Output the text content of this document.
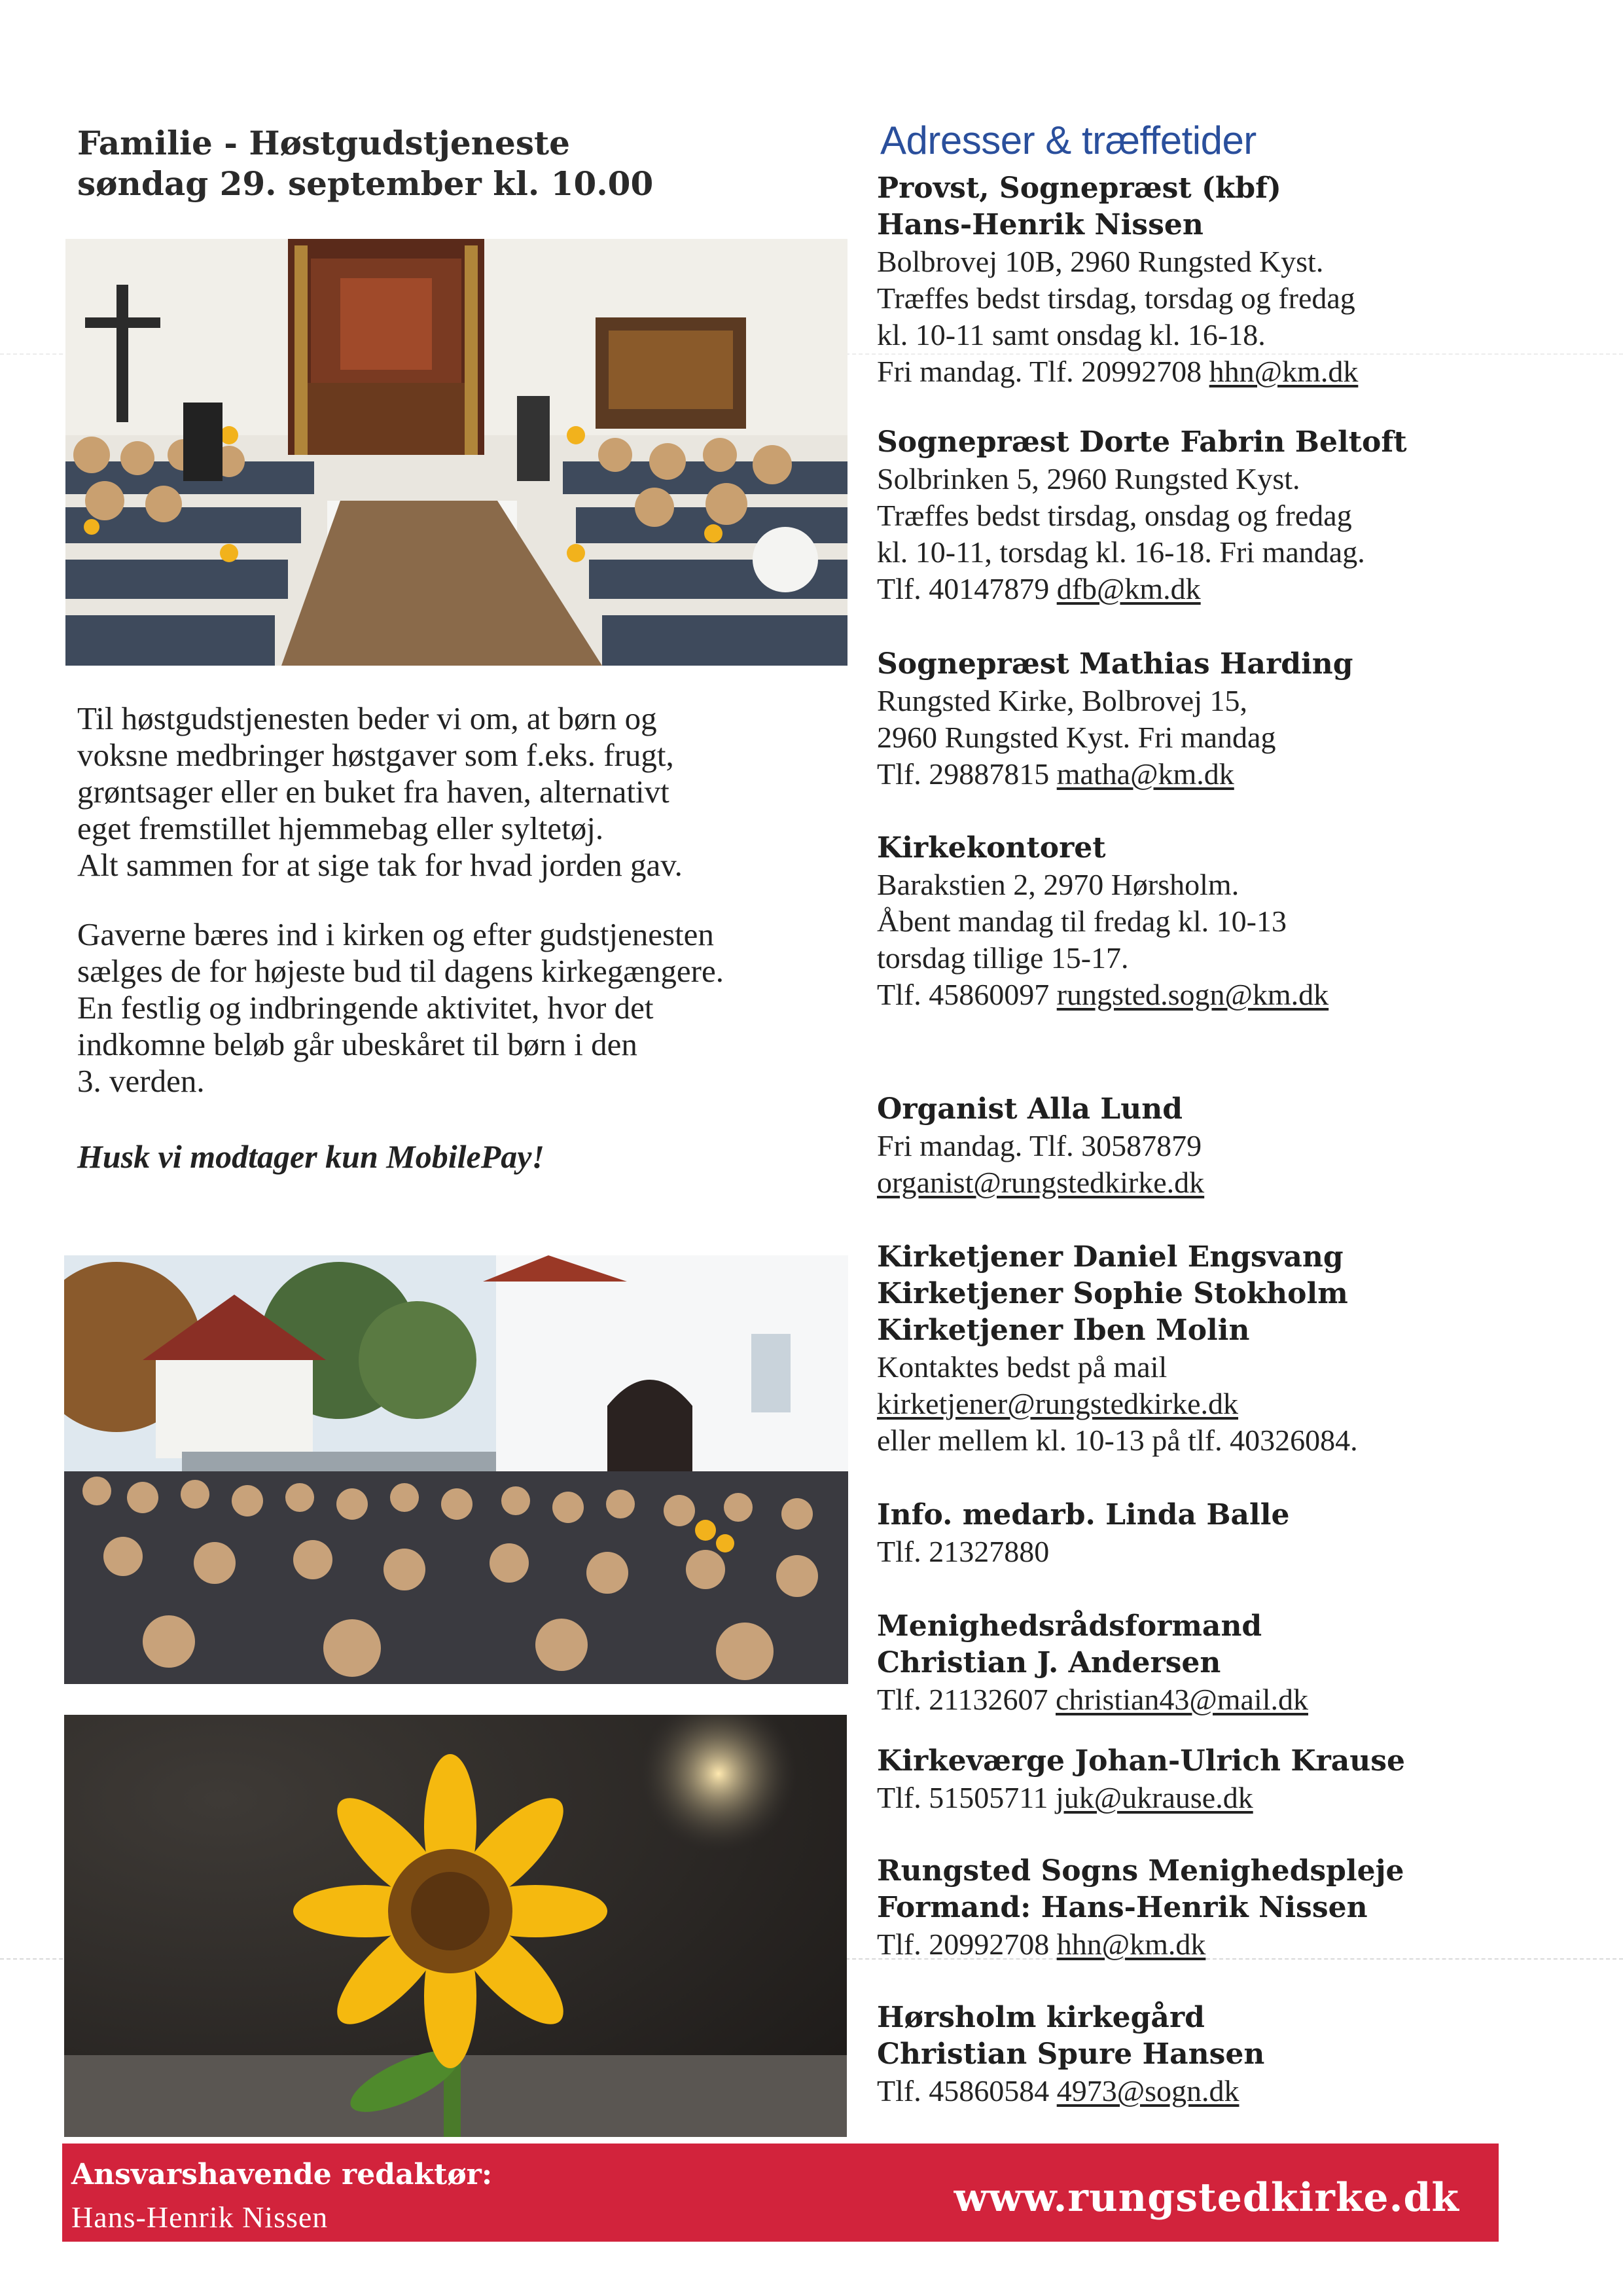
Familie - Høstgudstjeneste
søndag 29. september kl. 10.00
Til høstgudstjenesten beder vi om, at børn og
voksne medbringer høstgaver som f.eks. frugt,
grøntsager eller en buket fra haven, alternativt
eget fremstillet hjemmebag eller syltetøj.
Alt sammen for at sige tak for hvad jorden gav.
Gaverne bæres ind i kirken og efter gudstjenesten
sælges de for højeste bud til dagens kirkegængere.
En festlig og indbringende aktivitet, hvor det
indkomne beløb går ubeskåret til børn i den
3. verden.
Husk vi modtager kun MobilePay!
Adresser & træffetider
Provst, Sognepræst (kbf)
Hans-Henrik Nissen
Bolbrovej 10B, 2960 Rungsted Kyst.
Træffes bedst tirsdag, torsdag og fredag
kl. 10-11 samt onsdag kl. 16-18.
Fri mandag. Tlf. 20992708 hhn@km.dk
Sognepræst Dorte Fabrin Beltoft
Solbrinken 5, 2960 Rungsted Kyst.
Træffes bedst tirsdag, onsdag og fredag
kl. 10-11, torsdag kl. 16-18. Fri mandag.
Tlf. 40147879 dfb@km.dk
Sognepræst Mathias Harding
Rungsted Kirke, Bolbrovej 15,
2960 Rungsted Kyst. Fri mandag
Tlf. 29887815 matha@km.dk
Kirkekontoret
Barakstien 2, 2970 Hørsholm.
Åbent mandag til fredag kl. 10-13
torsdag tillige 15-17.
Tlf. 45860097 rungsted.sogn@km.dk
Organist Alla Lund
Fri mandag. Tlf. 30587879
organist@rungstedkirke.dk
Kirketjener Daniel Engsvang
Kirketjener Sophie Stokholm
Kirketjener Iben Molin
Kontaktes bedst på mail
kirketjener@rungstedkirke.dk
eller mellem kl. 10-13 på tlf. 40326084.
Info. medarb. Linda Balle
Tlf. 21327880
Menighedsrådsformand
Christian J. Andersen
Tlf. 21132607 christian43@mail.dk
Kirkeværge Johan-Ulrich Krause
Tlf. 51505711 juk@ukrause.dk
Rungsted Sogns Menighedspleje
Formand: Hans-Henrik Nissen
Tlf. 20992708 hhn@km.dk
Hørsholm kirkegård
Christian Spure Hansen
Tlf. 45860584 4973@sogn.dk
Ansvarshavende redaktør:
Hans-Henrik Nissen	www.rungstedkirke.dk
